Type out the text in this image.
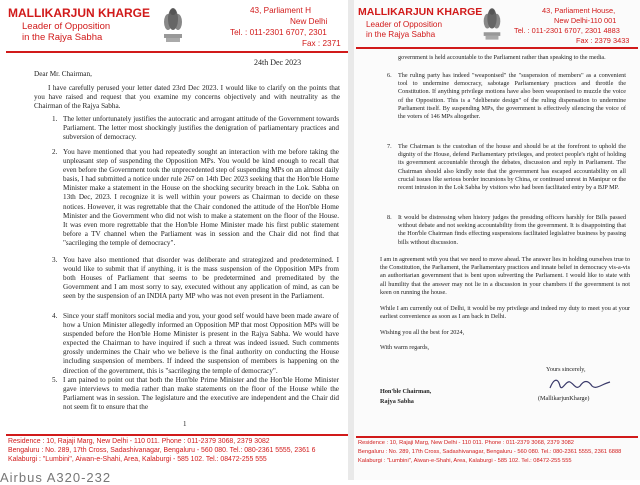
MALLIKARJUN KHARGE
Leader of Opposition
in the Rajya Sabha
43, Parliament H
New Delhi
Tel. : 011-2301 6707, 2301
Fax : 2371
24th Dec 2023
Dear Mr. Chairman,
I have carefully perused your letter dated 23rd Dec 2023. I would like to clarify on the points that you have raised and request that you examine my concerns objectively and with neutrality as the Chairman of the Rajya Sabha.
1. The letter unfortunately justifies the autocratic and arrogant attitude of the Government towards Parliament. The letter most shockingly justifies the denigration of parliamentary practices and subversion of democracy.
2. You have mentioned that you had repeatedly sought an interaction with me before taking the unpleasant step of suspending the Opposition MPs. You would be kind enough to recall that even before the Government took the unprecedented step of suspending MPs on an almost daily basis, I had submitted a notice under rule 267 on 14th Dec 2023 seeking that the Hon'ble Home Minister make a statement in the House on the shocking security breach in the Lok. Sabha on 13th Dec, 2023. I recognize it is well within your powers as Chairman to decide on these notices. However, it was regrettable that the Chair condoned the attitude of the Hon'ble Home Minister and the Government who did not wish to make a statement on the floor of the House. It was even more regrettable that the Hon'ble Home Minister made his first public statement before a TV channel when the Parliament was in session and the Chair did not find that "sacrileging the temple of democracy".
3. You have also mentioned that disorder was deliberate and strategized and predetermined. I would like to submit that if anything, it is the mass suspension of the Opposition MPs from both Houses of Parliament that seems to be predetermined and premeditated by the Government and I am most sorry to say, executed without any application of mind, as can be seen by the suspension of an INDIA party MP who was not even present in the Parliament.
4. Since your staff monitors social media and you, your good self would have been made aware of how a Union Minister allegedly informed an Opposition MP that most Opposition MPs will be suspended before the Hon'ble Home Minister is present in the Rajya Sabha. We would have expected the Chairman to have inquired if such a threat was indeed issued. Such comments grossly undermines the Chair who we believe is the final authority on conducting the House including suspension of members. If indeed the suspension of members is happening on the direction of the government, this is "sacrileging the temple of democracy".
5. I am pained to point out that both the Hon'ble Prime Minister and the Hon'ble Home Minister gave interviews to media rather than make statements on the floor of the House while the Parliament was in session. The legislature and the executive are independent and the Chair did not seem fit to ensure that the
1
Residence : 10, Rajaji Marg, New Delhi - 110 011. Phone : 011-2379 3068, 2379 3082
Bengaluru : No. 289, 17th Cross, Sadashivanagar, Bengaluru - 560 080. Tel.: 080-2361 5555, 2361 6
Kalaburgi : "Lumbini", Aiwan-e-Shahi, Area, Kalaburgi - 585 102. Tel.: 08472-255 555
MALLIKARJUN KHARGE
Leader of Opposition
in the Rajya Sabha
43, Parliament House,
New Delhi-110 001
Tel. : 011-2301 6707, 2301 4883
Fax : 2379 3433
government is held accountable to the Parliament rather than speaking to the media.
6. The ruling party has indeed "weaponised" the "suspension of members" as a convenient tool to undermine democracy, sabotage Parliamentary practices and throttle the Constitution. If anything privilege motions have also been weaponised to muzzle the voice of the Opposition. This is a "deliberate design" of the ruling dispensation to undermine Parliament itself. By suspending MPs, the government is effectively silencing the voice of the voters of 146 MPs altogether.
7. The Chairman is the custodian of the house and should be at the forefront to uphold the dignity of the House, defend Parliamentary privileges, and protect people's right of holding its government accountable through the debates, discussion and reply in Parliament. The Chairman should also kindly note that the government has escaped accountability on all crucial issues like serious border incursions by China, or continued unrest in Manipur or the recent intrusion in the Lok Sabha by visitors who had been facilitated entry by a BJP MP.
8. It would be distressing when history judges the presiding officers harshly for Bills passed without debate and not seeking accountability from the government. It is disappointing that the Hon'ble Chairman finds effecting suspensions facilitated legislative business by passing bills without discussion.
I am in agreement with you that we need to move ahead. The answer lies in holding ourselves true to the Constitution, the Parliament, the Parliamentary practices and innate belief in democracy vis-a-vis an authoritarian government that is bent upon subverting the Parliament. I would like to state with all humility that the answer may not lie in a discussion in your chambers if the government is not keen on running the house.
While I am currently out of Delhi, it would be my privilege and indeed my duty to meet you at your earliest convenience as soon as I am back in Delhi.
Wishing you all the best for 2024,
With warm regards,
Yours sincerely,
(MallikarjunKharge)
Hon'ble Chairman,
Rajya Sabha
Residence : 10, Rajaji Marg, New Delhi - 110 011. Phone : 011-2379 3068, 2379 3082
Bengaluru : No. 289, 17th Cross, Sadashivanagar, Bengaluru - 560 080. Tel.: 080-2361 5555, 2361 6888
Kalaburgi : "Lumbini", Aiwan-e-Shahi, Area, Kalaburgi - 585 102. Tel.: 08472-255 555
Airbus A320-232
